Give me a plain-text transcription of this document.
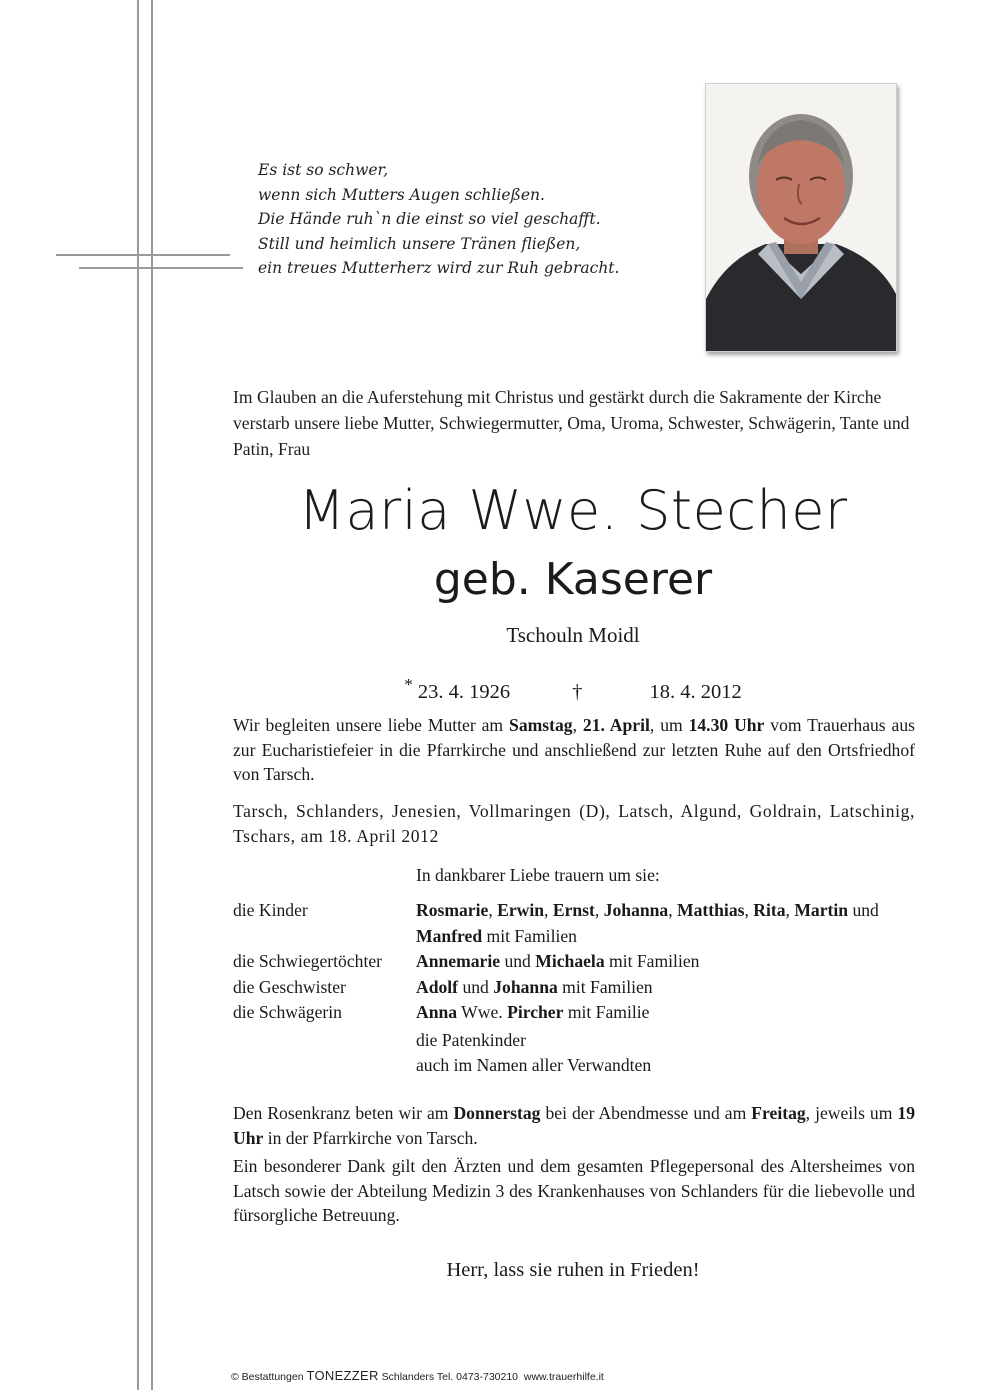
Es ist so schwer,
wenn sich Mutters Augen schließen.
Die Hände ruh`n die einst so viel geschafft.
Still und heimlich unsere Tränen fließen,
ein treues Mutterherz wird zur Ruh gebracht.
Im Glauben an die Auferstehung mit Christus und gestärkt durch die Sakramente der Kirche verstarb unsere liebe Mutter, Schwiegermutter, Oma, Uroma, Schwester, Schwägerin, Tante und Patin, Frau
Maria Wwe. Stecher
geb. Kaserer
Tschouln Moidl
* 23. 4. 1926	†	18. 4. 2012
Wir begleiten unsere liebe Mutter am Samstag, 21. April, um 14.30 Uhr vom Trauerhaus aus zur Eucharistiefeier in die Pfarrkirche und anschließend zur letzten Ruhe auf den Ortsfriedhof von Tarsch.
Tarsch, Schlanders, Jenesien, Vollmaringen (D), Latsch, Algund, Goldrain, Latschinig, Tschars, am 18. April 2012
In dankbarer Liebe trauern um sie:
die Kinder	Rosmarie, Erwin, Ernst, Johanna, Matthias, Rita, Martin und Manfred mit Familien
die Schwiegertöchter	Annemarie und Michaela mit Familien
die Geschwister	Adolf und Johanna mit Familien
die Schwägerin	Anna Wwe. Pircher mit Familie
die Patenkinder
auch im Namen aller Verwandten
Den Rosenkranz beten wir am Donnerstag bei der Abendmesse und am Freitag, jeweils um 19 Uhr in der Pfarrkirche von Tarsch.
Ein besonderer Dank gilt den Ärzten und dem gesamten Pflegepersonal des Altersheimes von Latsch sowie der Abteilung Medizin 3 des Krankenhauses von Schlanders für die liebevolle und fürsorgliche Betreuung.
Herr, lass sie ruhen in Frieden!
© Bestattungen TONEZZER Schlanders Tel. 0473-730210 www.trauerhilfe.it
